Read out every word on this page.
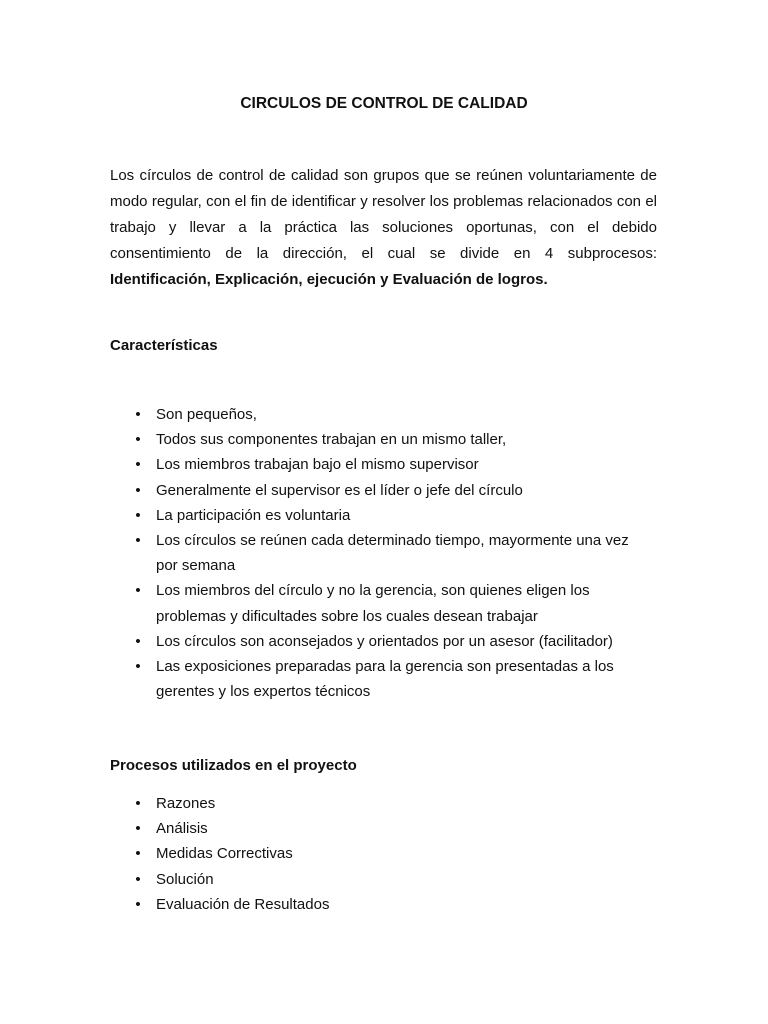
CIRCULOS DE CONTROL DE CALIDAD

Los círculos de control de calidad son grupos que se reúnen voluntariamente de modo regular, con el fin de identificar y resolver los problemas relacionados con el trabajo y llevar a la práctica las soluciones oportunas, con el debido consentimiento de la dirección, el cual se divide en 4 subprocesos: Identificación, Explicación, ejecución y Evaluación de logros.

Características

• Son pequeños,
• Todos sus componentes trabajan en un mismo taller,
• Los miembros trabajan bajo el mismo supervisor
• Generalmente el supervisor es el líder o jefe del círculo
• La participación es voluntaria
• Los círculos se reúnen cada determinado tiempo, mayormente una vez por semana
• Los miembros del círculo y no la gerencia, son quienes eligen los problemas y dificultades sobre los cuales desean trabajar
• Los círculos son aconsejados y orientados por un asesor (facilitador)
• Las exposiciones preparadas para la gerencia son presentadas a los gerentes y los expertos técnicos

Procesos utilizados en el proyecto

• Razones
• Análisis
• Medidas Correctivas
• Solución
• Evaluación de Resultados
